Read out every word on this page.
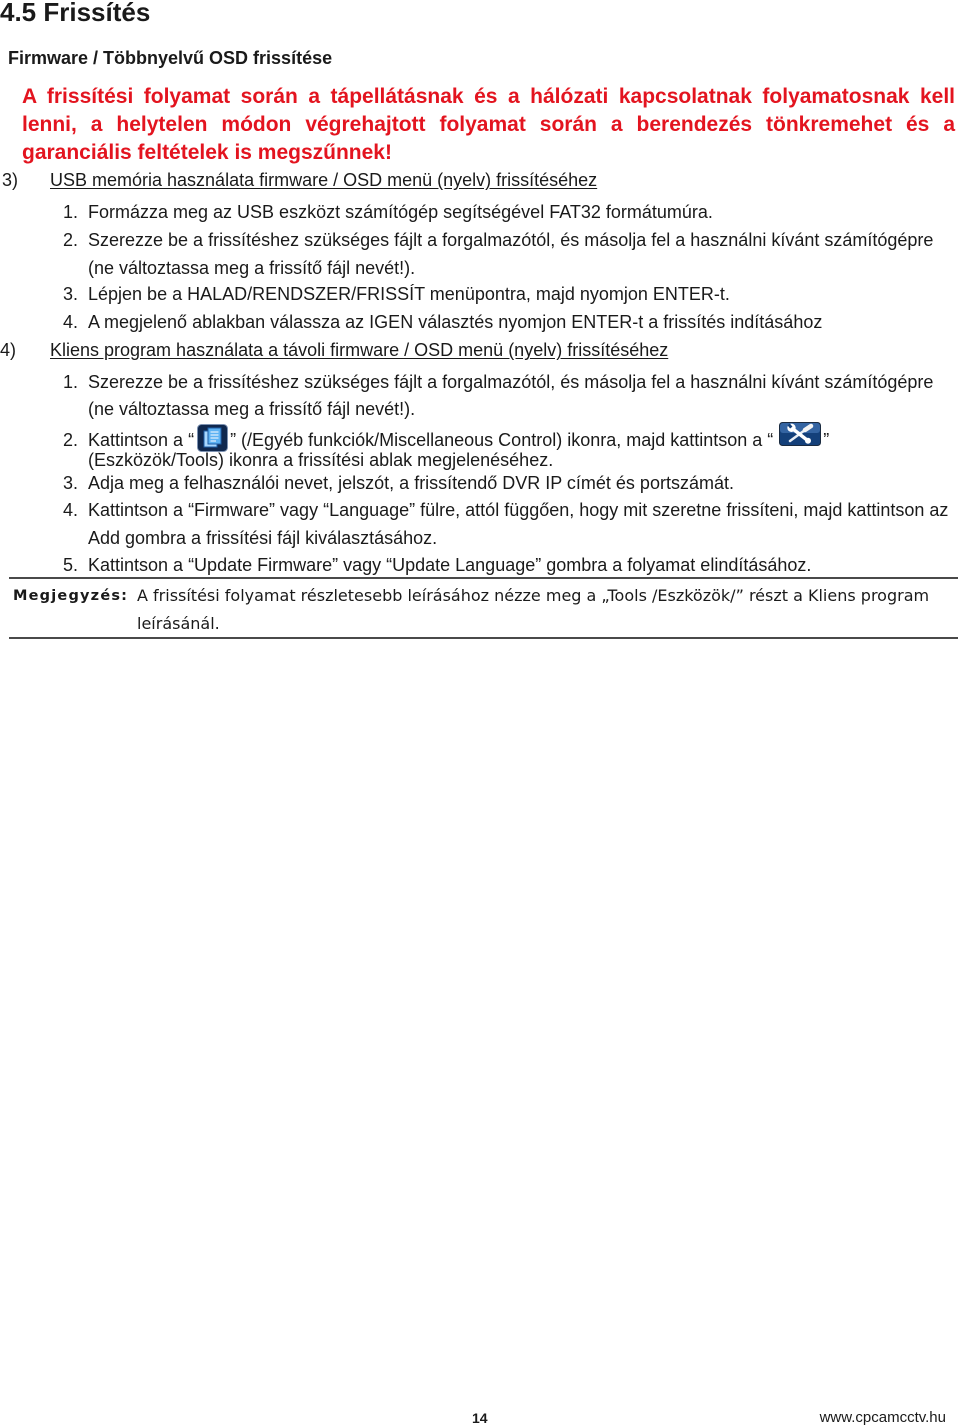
4.5 Frissítés
Firmware / Többnyelvű OSD frissítése
A frissítési folyamat során a tápellátásnak és a hálózati kapcsolatnak folyamatosnak kell
lenni, a helytelen módon végrehajtott folyamat során a berendezés tönkremehet és a
garanciális feltételek is megszűnnek!
3) USB memória használata firmware / OSD menü (nyelv) frissítéséhez
1. Formázza meg az USB eszközt számítógép segítségével FAT32 formátumúra.
2. Szerezze be a frissítéshez szükséges fájlt a forgalmazótól, és másolja fel a használni kívánt számítógépre
(ne változtassa meg a frissítő fájl nevét!).
3. Lépjen be a HALAD/RENDSZER/FRISSÍT menüpontra, majd nyomjon ENTER-t.
4. A megjelenő ablakban válassza az IGEN választés nyomjon ENTER-t a frissítés indításához
4) Kliens program használata a távoli firmware / OSD menü (nyelv) frissítéséhez
1. Szerezze be a frissítéshez szükséges fájlt a forgalmazótól, és másolja fel a használni kívánt számítógépre
(ne változtassa meg a frissítő fájl nevét!).
2. Kattintson a “ ” (/Egyéb funkciók/Miscellaneous Control) ikonra, majd kattintson a “	”
(Eszközök/Tools) ikonra a frissítési ablak megjelenéséhez.
3. Adja meg a felhasználói nevet, jelszót, a frissítendő DVR IP címét és portszámát.
4. Kattintson a “Firmware” vagy “Language” fülre, attól függően, hogy mit szeretne frissíteni, majd kattintson az
Add gombra a frissítési fájl kiválasztásához.
5. Kattintson a “Update Firmware” vagy “Update Language” gombra a folyamat elindításához.
Megjegyzés: A frissítési folyamat részletesebb leírásához nézze meg a „Tools /Eszközök/” részt a Kliens program
leírásánál.
14	www.cpcamcctv.hu
